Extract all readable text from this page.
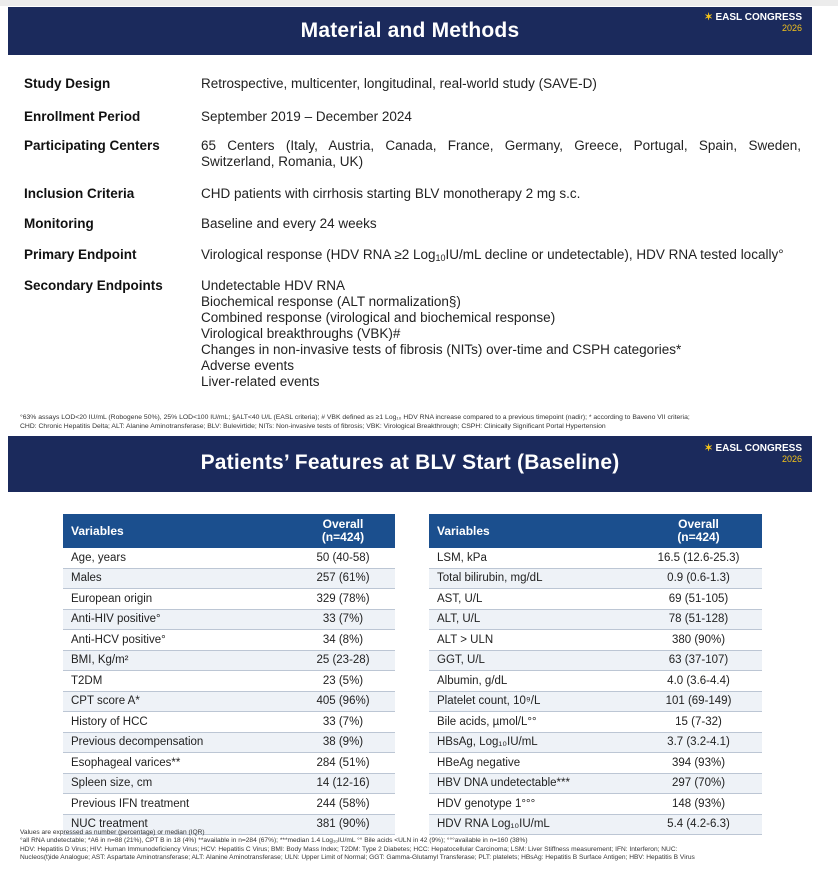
Material and Methods
✶ EASL CONGRESS
2026
Study Design	Retrospective, multicenter, longitudinal, real-world study (SAVE-D)
Enrollment Period	September 2019 – December 2024
Participating Centers	65 Centers (Italy, Austria, Canada, France, Germany, Greece, Portugal, Spain, Sweden, Switzerland, Romania, UK)
Inclusion Criteria	CHD patients with cirrhosis starting BLV monotherapy 2 mg s.c.
Monitoring	Baseline and every 24 weeks
Primary Endpoint	Virological response (HDV RNA ≥2 Log$_{10}$IU/mL decline or undetectable), HDV RNA tested locally°
Secondary Endpoints	Undetectable HDV RNA
Biochemical response (ALT normalization§)
Combined response (virological and biochemical response)
Virological breakthroughs (VBK)#
Changes in non-invasive tests of fibrosis (NITs) over-time and CSPH categories*
Adverse events
Liver-related events
°63% assays LOD<20 IU/mL (Robogene 50%), 25% LOD<100 IU/mL; §ALT<40 U/L (EASL criteria); # VBK defined as ≥1 Log₁₀ HDV RNA increase compared to a previous timepoint (nadir); * according to Baveno VII criteria;
CHD: Chronic Hepatitis Delta; ALT: Alanine Aminotransferase; BLV: Bulevirtide; NITs: Non-invasive tests of fibrosis; VBK: Virological Breakthrough; CSPH: Clinically Significant Portal Hypertension
Patients’ Features at BLV Start (Baseline)
✶ EASL CONGRESS
2026
Variables	Overall
(n=424)

Age, years	50 (40-58)
Males	257 (61%)
European origin	329 (78%)
Anti-HIV positive°	33 (7%)
Anti-HCV positive°	34 (8%)
BMI, Kg/m²	25 (23-28)
T2DM	23 (5%)
CPT score A*	405 (96%)
History of HCC	33 (7%)
Previous decompensation	38 (9%)
Esophageal varices**	284 (51%)
Spleen size, cm	14 (12-16)
Previous IFN treatment	244 (58%)
NUC treatment	381 (90%)
Variables	Overall
(n=424)

LSM, kPa	16.5 (12.6-25.3)
Total bilirubin, mg/dL	0.9 (0.6-1.3)
AST, U/L	69 (51-105)
ALT, U/L	78 (51-128)
ALT > ULN	380 (90%)
GGT, U/L	63 (37-107)
Albumin, g/dL	4.0 (3.6-4.4)
Platelet count, 10⁹/L	101 (69-149)
Bile acids, µmol/L°°	15 (7-32)
HBsAg, Log₁₀IU/mL	3.7 (3.2-4.1)
HBeAg negative	394 (93%)
HBV DNA undetectable***	297 (70%)
HDV genotype 1°°°	148 (93%)
HDV RNA Log₁₀IU/mL	5.4 (4.2-6.3)
Values are expressed as number (percentage) or median (IQR)
°all RNA undetectable; *A6 in n=88 (21%), CPT B in 18 (4%) **available in n=284 (67%); ***median 1.4 Log₁₀IU/mL °° Bile acids <ULN in 42 (9%); °°°available in n=160 (38%)
HDV: Hepatitis D Virus; HIV: Human Immunodeficiency Virus; HCV: Hepatitis C Virus; BMI: Body Mass Index; T2DM: Type 2 Diabetes; HCC: Hepatocellular Carcinoma; LSM: Liver Stiffness measurement; IFN: Interferon; NUC:
Nucleos(t)ide Analogue; AST: Aspartate Aminotransferase; ALT: Alanine Aminotransferase; ULN: Upper Limit of Normal; GGT: Gamma-Glutamyl Transferase; PLT: platelets; HBsAg: Hepatitis B Surface Antigen; HBV: Hepatitis B Virus
